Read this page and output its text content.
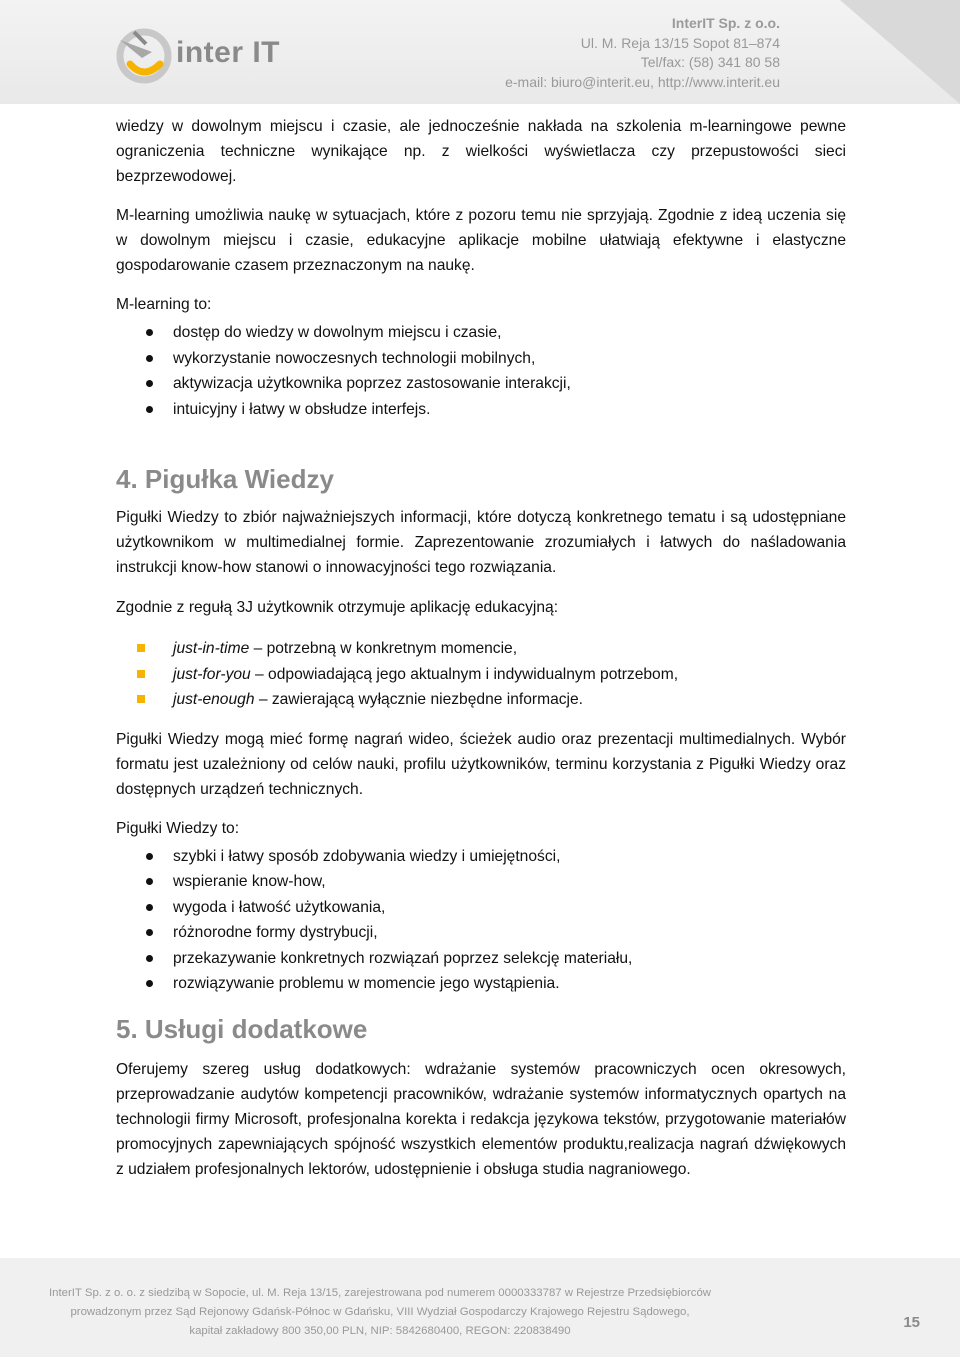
inter IT
InterIT Sp. z o.o.
Ul. M. Reja 13/15 Sopot 81–874
Tel/fax: (58) 341 80 58
e-mail: biuro@interit.eu, http://www.interit.eu

wiedzy w dowolnym miejscu i czasie, ale jednocześnie nakłada na szkolenia m-learningowe pewne ograniczenia techniczne wynikające np. z wielkości wyświetlacza czy przepustowości sieci bezprzewodowej.

M-learning umożliwia naukę w sytuacjach, które z pozoru temu nie sprzyjają. Zgodnie z ideą uczenia się w dowolnym miejscu i czasie, edukacyjne aplikacje mobilne ułatwiają efektywne i elastyczne gospodarowanie czasem przeznaczonym na naukę.

M-learning to:

dostęp do wiedzy w dowolnym miejscu i czasie,
wykorzystanie nowoczesnych technologii mobilnych,
aktywizacja użytkownika poprzez zastosowanie interakcji,
intuicyjny i łatwy w obsłudze interfejs.
4. Pigułka Wiedzy

Pigułki Wiedzy to zbiór najważniejszych informacji, które dotyczą konkretnego tematu i są udostępniane użytkownikom w multimedialnej formie. Zaprezentowanie zrozumiałych i łatwych do naśladowania instrukcji know-how stanowi o innowacyjności tego rozwiązania.

Zgodnie z regułą 3J użytkownik otrzymuje aplikację edukacyjną:

just-in-time – potrzebną w konkretnym momencie,
just-for-you – odpowiadającą jego aktualnym i indywidualnym potrzebom,
just-enough – zawierającą wyłącznie niezbędne informacje.

Pigułki Wiedzy mogą mieć formę nagrań wideo, ścieżek audio oraz prezentacji multimedialnych. Wybór formatu jest uzależniony od celów nauki, profilu użytkowników, terminu korzystania z Pigułki Wiedzy oraz dostępnych urządzeń technicznych.

Pigułki Wiedzy to:

szybki i łatwy sposób zdobywania wiedzy i umiejętności,
wspieranie know-how,
wygoda i łatwość użytkowania,
różnorodne formy dystrybucji,
przekazywanie konkretnych rozwiązań poprzez selekcję materiału,
rozwiązywanie problemu w momencie jego wystąpienia.
5. Usługi dodatkowe

Oferujemy szereg usług dodatkowych: wdrażanie systemów pracowniczych ocen okresowych, przeprowadzanie audytów kompetencji pracowników, wdrażanie systemów informatycznych opartych na technologii firmy Microsoft, profesjonalna korekta i redakcja językowa tekstów, przygotowanie materiałów promocyjnych zapewniających spójność wszystkich elementów produktu,realizacja nagrań dźwiękowych z udziałem profesjonalnych lektorów, udostępnienie i obsługa studia nagraniowego.

InterIT Sp. z o. o. z siedzibą w Sopocie, ul. M. Reja 13/15, zarejestrowana pod numerem 0000333787 w Rejestrze Przedsiębiorców
prowadzonym przez Sąd Rejonowy Gdańsk-Północ w Gdańsku, VIII Wydział Gospodarczy Krajowego Rejestru Sądowego,
kapitał zakładowy 800 350,00 PLN, NIP: 5842680400, REGON: 220838490	15
